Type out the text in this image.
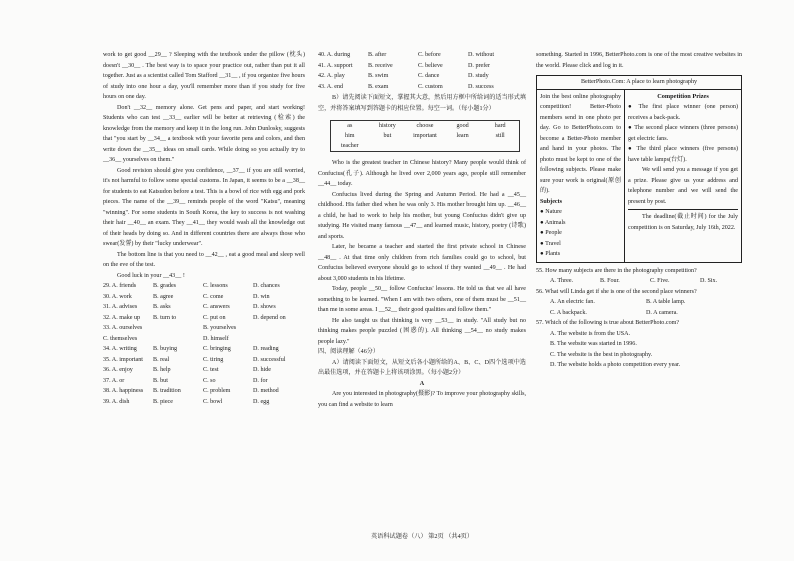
work to get good __29__ ? Sleeping with the textbook under the pillow (枕头) doesn't __30__ . The best way is to space your practice out, rather than put it all together. Just as a scientist called Tom Stafford __31__ , if you organize five hours of study into one hour a day, you'll remember more than if you study for five hours on one day.

Don't __32__ memory alone. Get pens and paper, and start working! Students who can test __33__ earlier will be better at retrieving (检索) the knowledge from the memory and keep it in the long run. John Dunlosky, suggests that "you start by __34__ a textbook with your favorite pens and colors, and then write down the __35__ ideas on small cards. While doing so you actually try to __36__ yourselves on them."

Good revision should give you confidence, __37__ if you are still worried, it's not harmful to follow some special customs. In Japan, it seems to be a __38__ for students to eat Katsudon before a test. This is a bowl of rice with egg and pork pieces. The name of the __39__ reminds people of the word "Katsu", meaning "winning". For some students in South Korea, the key to success is not washing their hair __40__ an exam. They __41__ they would wash all the knowledge out of their heads by doing so. And in different countries there are always those who swear(发誓) by their "lucky underwear".

The bottom line is that you need to __42__ , eat a good meal and sleep well on the eve of the test.

Good luck in your __43__ !

29. A. friends	B. grades	C. lessons	D. chances
30. A. work	B. agree	C. come	D. win
31. A. advises	B. asks	C. answers	D. shows
32. A. make up	B. turn to	C. put on	D. depend on
33. A. ourselves	B. yourselves
C. themselves	D. himself
34. A. writing	B. buying	C. bringing	D. reading
35. A. important	B. real	C. tiring	D. successful
36. A. enjoy	B. help	C. test	D. hide
37. A. or	B. but	C. so	D. for
38. A. happiness	B. tradition	C. problem	D. method
39. A. dish	B. piece	C. bowl	D. egg
40. A. during	B. after	C. before	D. without
41. A. support	B. receive	C. believe	D. prefer
42. A. play	B. swim	C. dance	D. study
43. A. end	B. exam	C. custom	D. success

B）请先阅读下面短文，掌握其大意，然后用方框中所给词的适当形式填空，并将答案填写到答题卡的相应位置。每空一词。（每小题1分）

as	history	choose	good	hard
him	but	important	learn	still
teacher

Who is the greatest teacher in Chinese history? Many people would think of Confucius(孔子). Although he lived over 2,000 years ago, people still remember __44__ today.

Confucius lived during the Spring and Autumn Period. He had a __45__ childhood. His father died when he was only 3. His mother brought him up. __46__ a child, he had to work to help his mother, but young Confucius didn't give up studying. He visited many famous __47__ and learned music, history, poetry (诗歌) and sports.

Later, he became a teacher and started the first private school in Chinese __48__ . At that time only children from rich families could go to school, but Confucius believed everyone should go to school if they wanted __49__ . He had about 3,000 students in his lifetime.

Today, people __50__ follow Confucius' lessons. He told us that we all have something to be learned. "When I am with two others, one of them must be __51__ than me in some areas. I __52__ their good qualities and follow them."

He also taught us that thinking is very __53__ in study. "All study but no thinking makes people puzzled (困惑的). All thinking __54__ no study makes people lazy."

四、阅读理解（46分）

A）请阅读下面短文，从短文后各小题所给的A、B、C、D四个选项中选出最佳选项，并在答题卡上将该项涂黑。（每小题2分）

A

Are you interested in photography(摄影)? To improve your photography skills, you can find a website to learn

something. Started in 1996, BetterPhoto.com is one of the most creative websites in the world. Please click and log in it.

BetterPhoto.Com: A place to learn photography

Join the best online photography competition! Better-Photo members send in one photo per day. Go to BetterPhoto.com to become a Better-Photo member and hand in your photos. The photo must be kept to one of the following subjects. Please make sure your work is original(原创的).

Subjects
● Nature
● Animals
● People
● Travel
● Plants
Competition Prizes

● The first place winner (one person) receives a back-pack.

● The second place winners (three persons) get electric fans.

● The third place winners (five persons) have table lamps(台灯).

We will send you a message if you get a prize. Please give us your address and telephone number and we will send the present by post.

The deadline(截止时间) for the July competition is on Saturday, July 16th, 2022.

55. How many subjects are there in the photography competition?

A. Three.	B. Four.	C. Five.	D. Six.

56. What will Linda get if she is one of the second place winners?

A. An electric fan.	B. A table lamp.
C. A backpack.	D. A camera.

57. Which of the following is true about BetterPhoto.com?

A. The website is from the USA.
B. The website was started in 1996.
C. The website is the best in photography.
D. The website holds a photo competition every year.
英语科试题卷（八） 第2页 （共4页）
